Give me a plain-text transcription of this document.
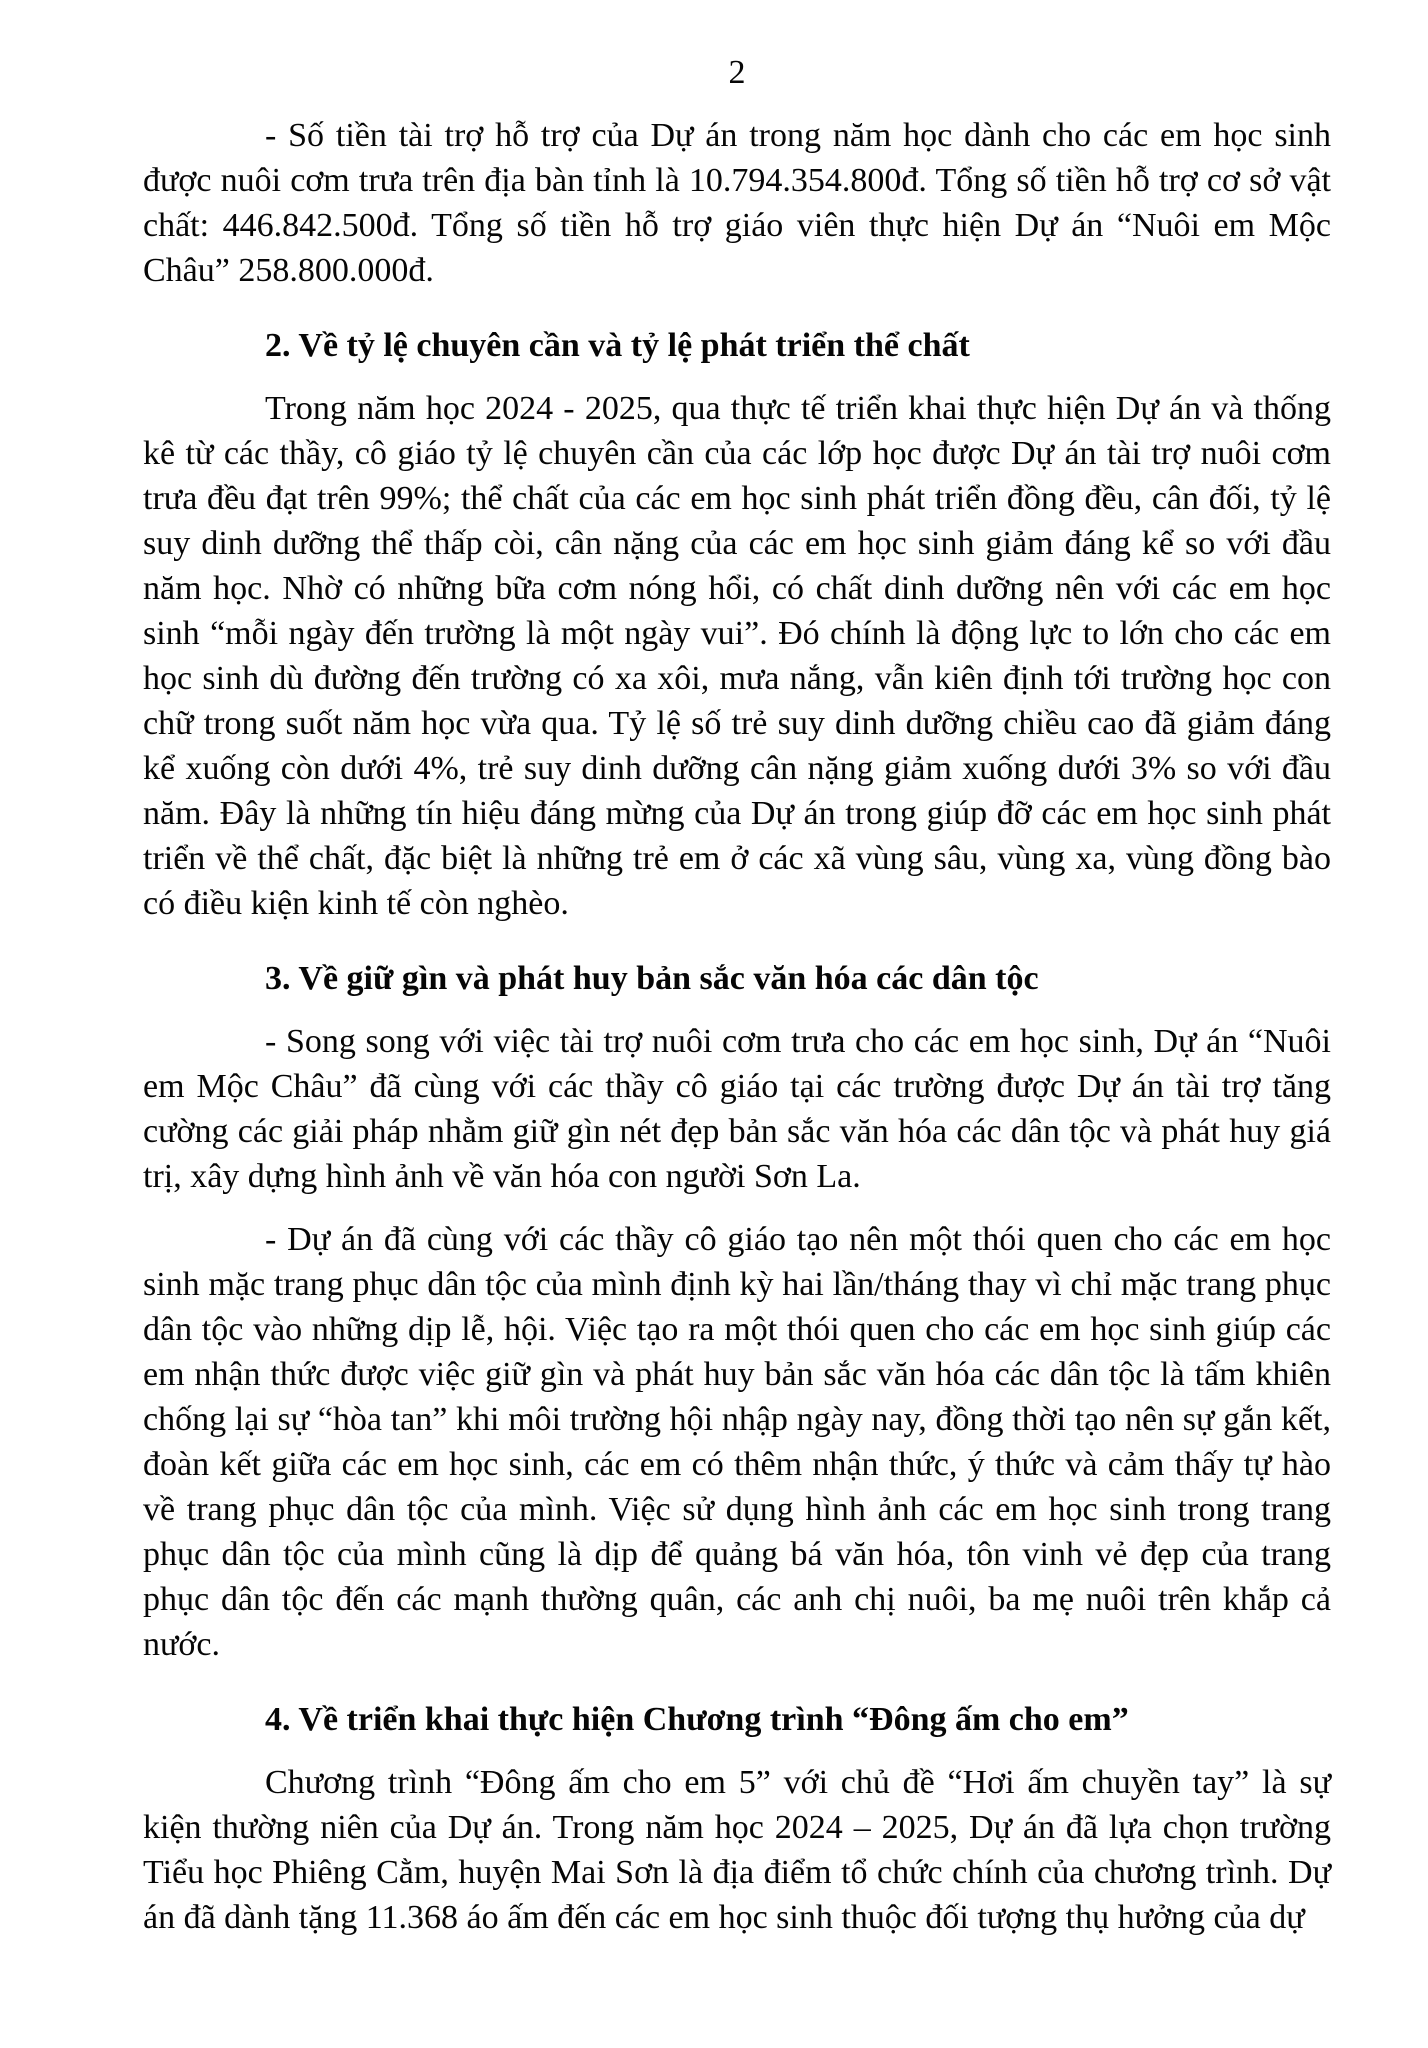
2

- Số tiền tài trợ hỗ trợ của Dự án trong năm học dành cho các em học sinh được nuôi cơm trưa trên địa bàn tỉnh là 10.794.354.800đ. Tổng số tiền hỗ trợ cơ sở vật chất: 446.842.500đ. Tổng số tiền hỗ trợ giáo viên thực hiện Dự án “Nuôi em Mộc Châu” 258.800.000đ.

2. Về tỷ lệ chuyên cần và tỷ lệ phát triển thể chất

Trong năm học 2024 - 2025, qua thực tế triển khai thực hiện Dự án và thống kê từ các thầy, cô giáo tỷ lệ chuyên cần của các lớp học được Dự án tài trợ nuôi cơm trưa đều đạt trên 99%; thể chất của các em học sinh phát triển đồng đều, cân đối, tỷ lệ suy dinh dưỡng thể thấp còi, cân nặng của các em học sinh giảm đáng kể so với đầu năm học. Nhờ có những bữa cơm nóng hổi, có chất dinh dưỡng nên với các em học sinh “mỗi ngày đến trường là một ngày vui”. Đó chính là động lực to lớn cho các em học sinh dù đường đến trường có xa xôi, mưa nắng, vẫn kiên định tới trường học con chữ trong suốt năm học vừa qua. Tỷ lệ số trẻ suy dinh dưỡng chiều cao đã giảm đáng kể xuống còn dưới 4%, trẻ suy dinh dưỡng cân nặng giảm xuống dưới 3% so với đầu năm. Đây là những tín hiệu đáng mừng của Dự án trong giúp đỡ các em học sinh phát triển về thể chất, đặc biệt là những trẻ em ở các xã vùng sâu, vùng xa, vùng đồng bào có điều kiện kinh tế còn nghèo.

3. Về giữ gìn và phát huy bản sắc văn hóa các dân tộc

- Song song với việc tài trợ nuôi cơm trưa cho các em học sinh, Dự án “Nuôi em Mộc Châu” đã cùng với các thầy cô giáo tại các trường được Dự án tài trợ tăng cường các giải pháp nhằm giữ gìn nét đẹp bản sắc văn hóa các dân tộc và phát huy giá trị, xây dựng hình ảnh về văn hóa con người Sơn La.

- Dự án đã cùng với các thầy cô giáo tạo nên một thói quen cho các em học sinh mặc trang phục dân tộc của mình định kỳ hai lần/tháng thay vì chỉ mặc trang phục dân tộc vào những dịp lễ, hội. Việc tạo ra một thói quen cho các em học sinh giúp các em nhận thức được việc giữ gìn và phát huy bản sắc văn hóa các dân tộc là tấm khiên chống lại sự “hòa tan” khi môi trường hội nhập ngày nay, đồng thời tạo nên sự gắn kết, đoàn kết giữa các em học sinh, các em có thêm nhận thức, ý thức và cảm thấy tự hào về trang phục dân tộc của mình. Việc sử dụng hình ảnh các em học sinh trong trang phục dân tộc của mình cũng là dịp để quảng bá văn hóa, tôn vinh vẻ đẹp của trang phục dân tộc đến các mạnh thường quân, các anh chị nuôi, ba mẹ nuôi trên khắp cả nước.

4. Về triển khai thực hiện Chương trình “Đông ấm cho em”

Chương trình “Đông ấm cho em 5” với chủ đề “Hơi ấm chuyền tay” là sự kiện thường niên của Dự án. Trong năm học 2024 – 2025, Dự án đã lựa chọn trường Tiểu học Phiêng Cằm, huyện Mai Sơn là địa điểm tổ chức chính của chương trình. Dự án đã dành tặng 11.368 áo ấm đến các em học sinh thuộc đối tượng thụ hưởng của dự
